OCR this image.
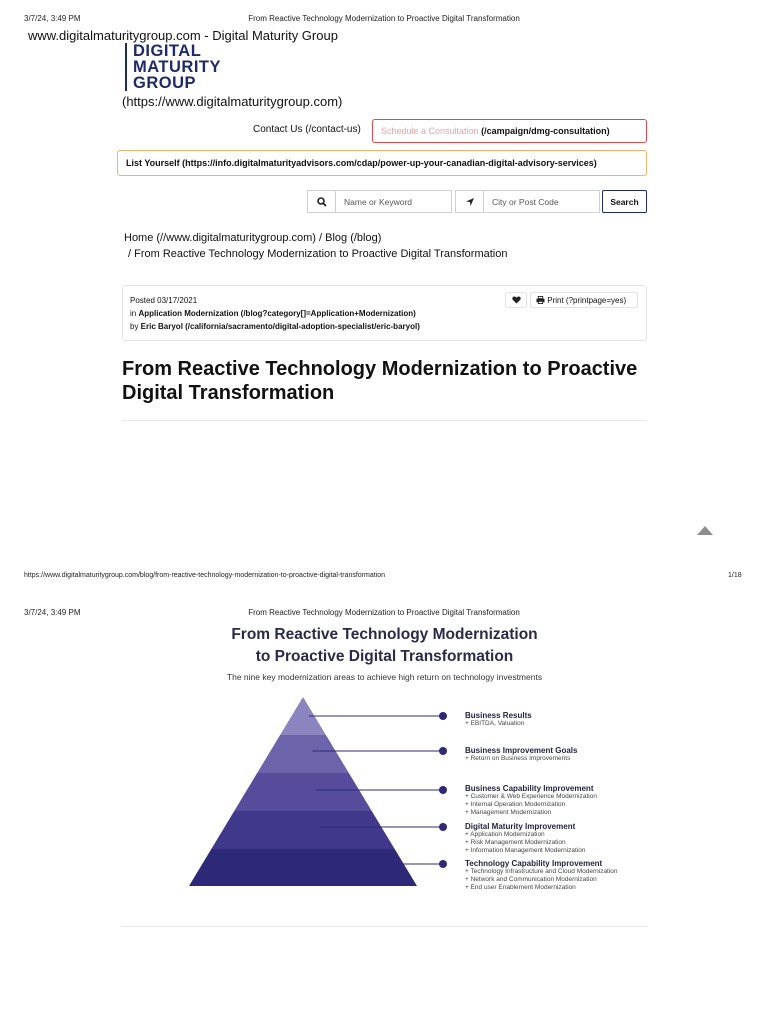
3/7/24, 3:49 PM	From Reactive Technology Modernization to Proactive Digital Transformation
www.digitalmaturitygroup.com - Digital Maturity Group
DIGITAL
MATURITY
GROUP
(https://www.digitalmaturitygroup.com)
Contact Us (/contact-us)	Schedule a Consultation (/campaign/dmg-consultation)
List Yourself (https://info.digitalmaturityadvisors.com/cdap/power-up-your-canadian-digital-advisory-services)
Name or Keyword	City or Post Code	Search
Home (//www.digitalmaturitygroup.com) / Blog (/blog)
/ From Reactive Technology Modernization to Proactive Digital Transformation
Posted 03/17/2021
in Application Modernization (/blog?category[]=Application+Modernization)
by Eric Baryol (/california/sacramento/digital-adoption-specialist/eric-baryol)
Print (?printpage=yes)
From Reactive Technology Modernization to Proactive Digital Transformation
https://www.digitalmaturitygroup.com/blog/from-reactive-technology-modernization-to-proactive-digital-transformation	1/18
3/7/24, 3:49 PM	From Reactive Technology Modernization to Proactive Digital Transformation
From Reactive Technology Modernization
to Proactive Digital Transformation
The nine key modernization areas to achieve high return on technology investments
Business Results
+ EBITDA, Valuation
Business Improvement Goals
+ Return on Business Improvements
Business Capability Improvement
+ Customer & Web Experience Modernization
+ Internal Operation Modernization
+ Management Modernization
Digital Maturity Improvement
+ Application Modernization
+ Risk Management Modernization
+ Information Management Modernization
Technology Capability Improvement
+ Technology Infrastructure and Cloud Modernization
+ Network and Communication Modernization
+ End user Enablement Modernization
